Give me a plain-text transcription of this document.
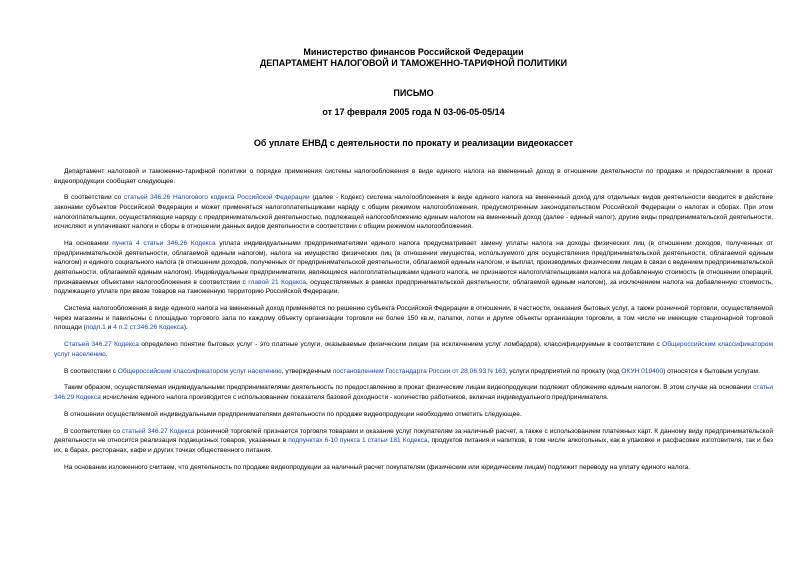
Министерство финансов Российской Федерации
ДЕПАРТАМЕНТ НАЛОГОВОЙ И ТАМОЖЕННО-ТАРИФНОЙ ПОЛИТИКИ
ПИСЬМО
от 17 февраля 2005 года N 03-06-05-05/14
Об уплате ЕНВД с деятельности по прокату и реализации видеокассет

Департамент налоговой и таможенно-тарифной политики о порядке применения системы налогообложения в виде единого налога на вмененный доход в отношении деятельности по продаже и предоставлении в прокат видеопродукции сообщает следующее.

В соответствии со статьей 346.26 Налогового кодекса Российской Федерации (далее - Кодекс) система налогообложения в виде единого налога на вмененный доход для отдельных видов деятельности вводится в действие законами субъектов Российской Федерации и может применяться налогоплательщиками наряду с общим режимом налогообложения, предусмотренным законодательством Российской Федерации о налогах и сборах. При этом налогоплательщики, осуществляющие наряду с предпринимательской деятельностью, подлежащей налогообложению единым налогом на вмененный доход (далее - единый налог), другие виды предпринимательской деятельности, исчисляют и уплачивают налоги и сборы в отношении данных видов деятельности в соответствии с общим режимом налогообложения.

На основании пункта 4 статьи 346.26 Кодекса уплата индивидуальными предпринимателями единого налога предусматривает замену уплаты налога на доходы физических лиц (в отношении доходов, полученных от предпринимательской деятельности, облагаемой единым налогом), налога на имущество физических лиц (в отношении имущества, используемого для осуществления предпринимательской деятельности, облагаемой единым налогом) и единого социального налога (в отношении доходов, полученных от предпринимательской деятельности, облагаемой единым налогом, и выплат, производимых физическим лицам в связи с ведением предпринимательской деятельности, облагаемой единым налогом). Индивидуальные предприниматели, являющиеся налогоплательщиками единого налога, не признаются налогоплательщиками налога на добавленную стоимость (в отношении операций, признаваемых объектами налогообложения в соответствии с главой 21 Кодекса, осуществляемых в рамках предпринимательской деятельности, облагаемой единым налогом), за исключением налога на добавленную стоимость, подлежащего уплате при ввозе товаров на таможенную территорию Российской Федерации.

Система налогообложения в виде единого налога на вмененный доход применяется по решению субъекта Российской Федерации в отношении, в частности, оказания бытовых услуг, а также розничной торговли, осуществляемой через магазины и павильоны с площадью торгового зала по каждому объекту организации торговли не более 150 кв.м, палатки, лотки и другие объекты организации торговли, в том числе не имеющие стационарной торговой площади (подп.1 и 4 п.2 ст.346.26 Кодекса).

Статьей 346.27 Кодекса определено понятие бытовых услуг - это платные услуги, оказываемые физическим лицам (за исключением услуг ломбардов), классифицируемые в соответствии с Общероссийским классификатором услуг населению.

В соответствии с Общероссийским классификатором услуг населению, утвержденным постановлением Госстандарта России от 28.06.93 N 163, услуги предприятий по прокату (код ОКУН 019400) относятся к бытовым услугам.

Таким образом, осуществляемая индивидуальными предпринимателями деятельность по предоставлению в прокат физическим лицам видеопродукции подлежит обложению единым налогом. В этом случае на основании статьи 346.29 Кодекса исчисление единого налога производится с использованием показателя базовой доходности - количество работников, включая индивидуального предпринимателя.

В отношении осуществляемой индивидуальными предпринимателями деятельности по продаже видеопродукции необходимо отметить следующее.

В соответствии со статьей 346.27 Кодекса розничной торговлей признается торговля товарами и оказание услуг покупателям за наличный расчет, а также с использованием платежных карт. К данному виду предпринимательской деятельности не относится реализация подакцизных товаров, указанных в подпунктах 6-10 пункта 1 статьи 181 Кодекса, продуктов питания и напитков, в том числе алкогольных, как в упаковке и расфасовке изготовителя, так и без их, в барах, ресторанах, кафе и других точках общественного питания.

На основании изложенного считаем, что деятельность по продаже видеопродукции за наличный расчет покупателям (физическим или юридическим лицам) подлежит переводу на уплату единого налога.
